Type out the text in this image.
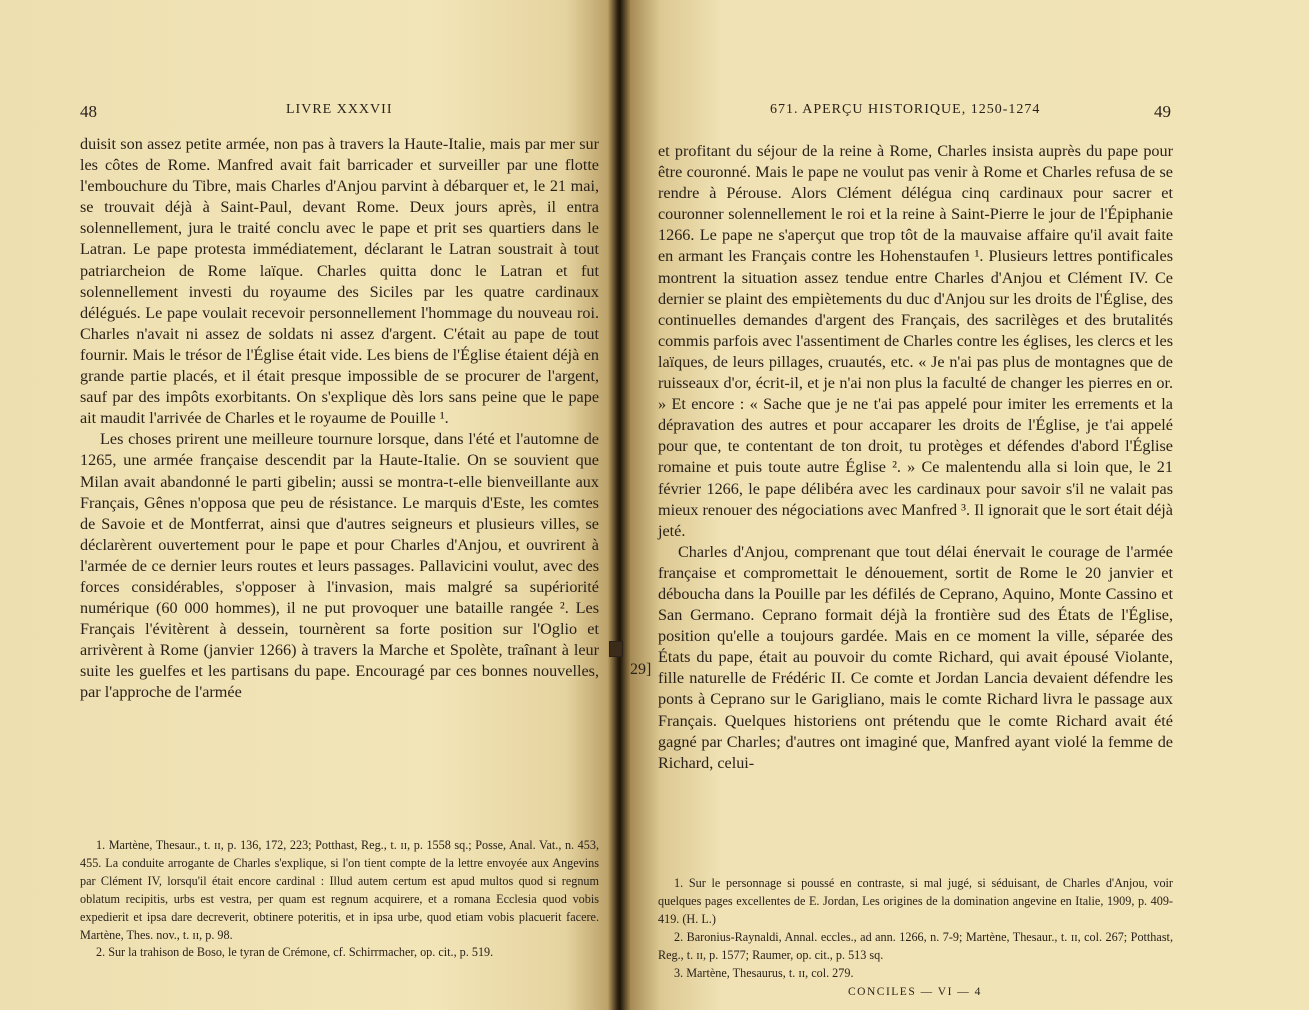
48	LIVRE XXXVII

duisit son assez petite armée, non pas à travers la Haute-Italie, mais par mer sur les côtes de Rome. Manfred avait fait barricader et surveiller par une flotte l'embouchure du Tibre, mais Charles d'Anjou parvint à débarquer et, le 21 mai, se trouvait déjà à Saint-Paul, devant Rome. Deux jours après, il entra solennellement, jura le traité conclu avec le pape et prit ses quartiers dans le Latran. Le pape protesta immédiatement, déclarant le Latran soustrait à tout patriarcheion de Rome laïque. Charles quitta donc le Latran et fut solennellement investi du royaume des Siciles par les quatre cardinaux délégués. Le pape voulait recevoir personnellement l'hommage du nouveau roi. Charles n'avait ni assez de soldats ni assez d'argent. C'était au pape de tout fournir. Mais le trésor de l'Église était vide. Les biens de l'Église étaient déjà en grande partie placés, et il était presque impossible de se procurer de l'argent, sauf par des impôts exorbitants. On s'explique dès lors sans peine que le pape ait maudit l'arrivée de Charles et le royaume de Pouille ¹.

Les choses prirent une meilleure tournure lorsque, dans l'été et l'automne de 1265, une armée française descendit par la Haute-Italie. On se souvient que Milan avait abandonné le parti gibelin; aussi se montra-t-elle bienveillante aux Français, Gênes n'opposa que peu de résistance. Le marquis d'Este, les comtes de Savoie et de Montferrat, ainsi que d'autres seigneurs et plusieurs villes, se déclarèrent ouvertement pour le pape et pour Charles d'Anjou, et ouvrirent à l'armée de ce dernier leurs routes et leurs passages. Pallavicini voulut, avec des forces considérables, s'opposer à l'invasion, mais malgré sa supériorité numérique (60 000 hommes), il ne put provoquer une bataille rangée ². Les Français l'évitèrent à dessein, tournèrent sa forte position sur l'Oglio et arrivèrent à Rome (janvier 1266) à travers la Marche et Spolète, traînant à leur suite les guelfes et les partisans du pape. Encouragé par ces bonnes nouvelles, par l'approche de l'armée

1. Martène, Thesaur., t. ɪɪ, p. 136, 172, 223; Potthast, Reg., t. ɪɪ, p. 1558 sq.; Posse, Anal. Vat., n. 453, 455. La conduite arrogante de Charles s'explique, si l'on tient compte de la lettre envoyée aux Angevins par Clément IV, lorsqu'il était encore cardinal : Illud autem certum est apud multos quod si regnum oblatum recipitis, urbs est vestra, per quam est regnum acquirere, et a romana Ecclesia quod vobis expedierit et ipsa dare decreverit, obtinere poteritis, et in ipsa urbe, quod etiam vobis placuerit facere. Martène, Thes. nov., t. ɪɪ, p. 98.

2. Sur la trahison de Boso, le tyran de Crémone, cf. Schirrmacher, op. cit., p. 519.

671. APERÇU HISTORIQUE, 1250-1274	49

et profitant du séjour de la reine à Rome, Charles insista auprès du pape pour être couronné. Mais le pape ne voulut pas venir à Rome et Charles refusa de se rendre à Pérouse. Alors Clément délégua cinq cardinaux pour sacrer et couronner solennellement le roi et la reine à Saint-Pierre le jour de l'Épiphanie 1266. Le pape ne s'aperçut que trop tôt de la mauvaise affaire qu'il avait faite en armant les Français contre les Hohenstaufen ¹. Plusieurs lettres pontificales montrent la situation assez tendue entre Charles d'Anjou et Clément IV. Ce dernier se plaint des empiètements du duc d'Anjou sur les droits de l'Église, des continuelles demandes d'argent des Français, des sacrilèges et des brutalités commis parfois avec l'assentiment de Charles contre les églises, les clercs et les laïques, de leurs pillages, cruautés, etc. « Je n'ai pas plus de montagnes que de ruisseaux d'or, écrit-il, et je n'ai non plus la faculté de changer les pierres en or. » Et encore : « Sache que je ne t'ai pas appelé pour imiter les errements et la dépravation des autres et pour accaparer les droits de l'Église, je t'ai appelé pour que, te contentant de ton droit, tu protèges et défendes d'abord l'Église romaine et puis toute autre Église ². » Ce malentendu alla si loin que, le 21 février 1266, le pape délibéra avec les cardinaux pour savoir s'il ne valait pas mieux renouer des négociations avec Manfred ³. Il ignorait que le sort était déjà jeté.

Charles d'Anjou, comprenant que tout délai énervait le courage de l'armée française et compromettait le dénouement, sortit de Rome le 20 janvier et déboucha dans la Pouille par les défilés de Ceprano, Aquino, Monte Cassino et San Germano. Ceprano formait déjà la frontière sud des États de l'Église, position qu'elle a toujours gardée. Mais en ce moment la ville, séparée des États du pape, était au pouvoir du comte Richard, qui avait épousé Violante, fille naturelle de Frédéric II. Ce comte et Jordan Lancia devaient défendre les ponts à Ceprano sur le Garigliano, mais le comte Richard livra le passage aux Français. Quelques historiens ont prétendu que le comte Richard avait été gagné par Charles; d'autres ont imaginé que, Manfred ayant violé la femme de Richard, celui-

1. Sur le personnage si poussé en contraste, si mal jugé, si séduisant, de Charles d'Anjou, voir quelques pages excellentes de E. Jordan, Les origines de la domination angevine en Italie, 1909, p. 409-419. (H. L.)

2. Baronius-Raynaldi, Annal. eccles., ad ann. 1266, n. 7-9; Martène, Thesaur., t. ɪɪ, col. 267; Potthast, Reg., t. ɪɪ, p. 1577; Raumer, op. cit., p. 513 sq.

3. Martène, Thesaurus, t. ɪɪ, col. 279.

CONCILES — VI — 4
29]
